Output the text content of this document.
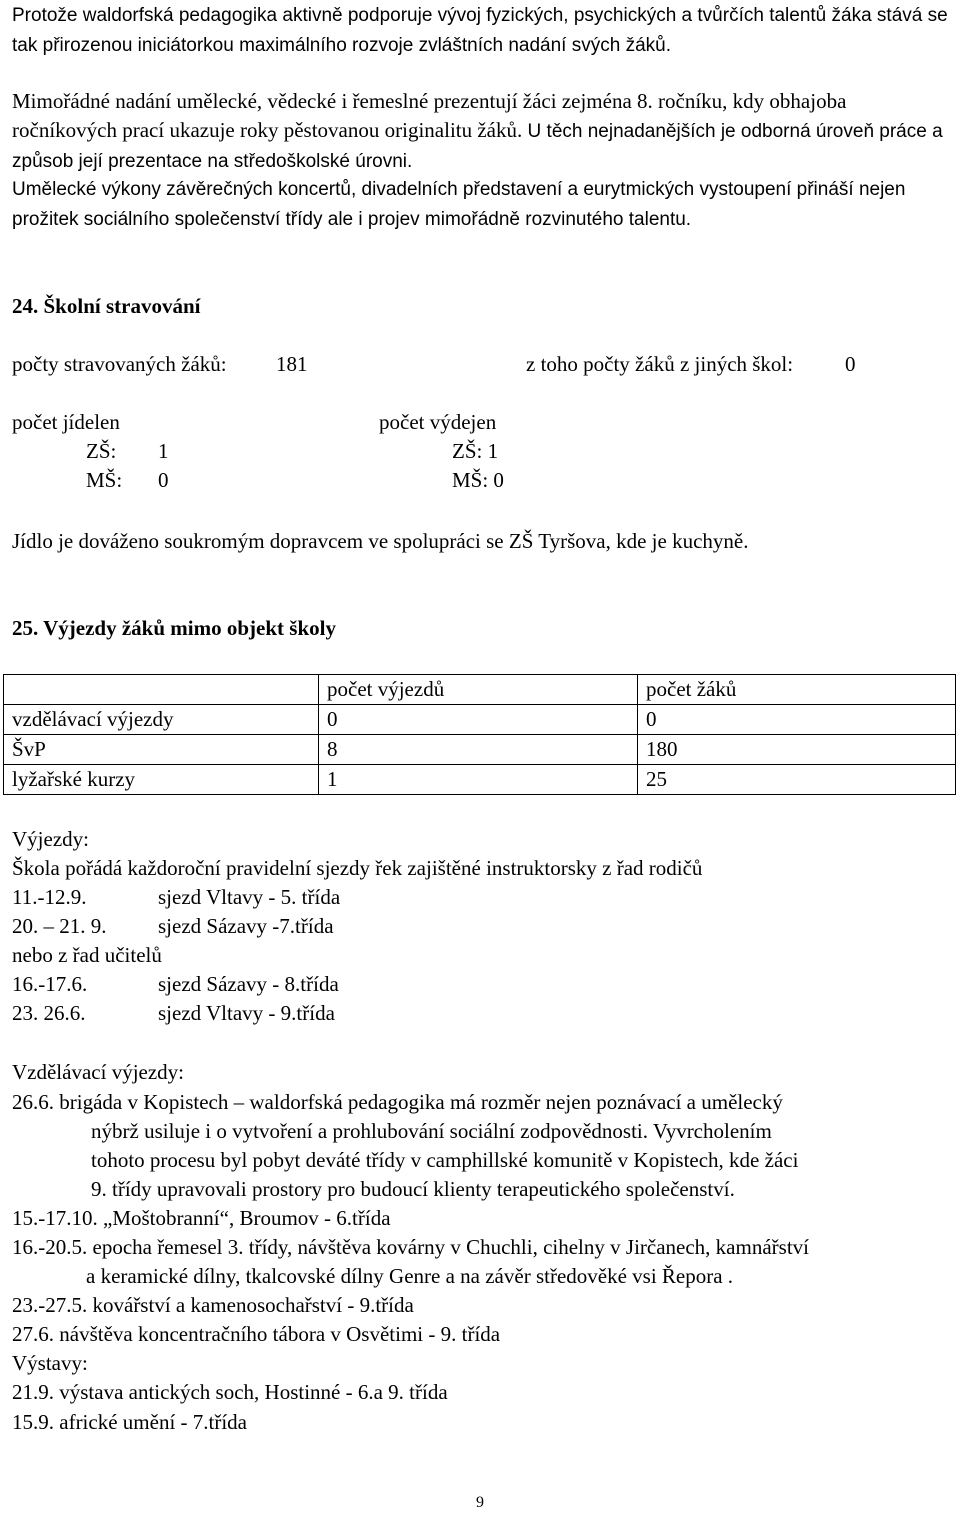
Protože waldorfská pedagogika aktivně podporuje vývoj fyzických, psychických a tvůrčích talentů žáka stává se tak přirozenou iniciátorkou maximálního rozvoje zvláštních nadání svých žáků.
Mimořádné nadání umělecké, vědecké i řemeslné prezentují žáci zejména 8. ročníku, kdy obhajoba ročníkových prací ukazuje roky pěstovanou originalitu žáků. U těch nejnadanějších je odborná úroveň práce a způsob její prezentace na středoškolské úrovni.
Umělecké výkony závěrečných koncertů, divadelních představení a eurytmických vystoupení přináší nejen prožitek sociálního společenství třídy ale i projev mimořádně rozvinutého talentu.
24. Školní stravování
počty stravovaných žáků: 181	z toho počty žáků z jiných škol: 0
počet jídelen	počet výdejen
ZŠ: 1	ZŠ: 1
MŠ: 0	MŠ: 0
Jídlo je dováženo soukromým dopravcem ve spolupráci se ZŠ Tyršova, kde je kuchyně.
25. Výjezdy žáků mimo objekt školy
	počet výjezdů	počet žáků
vzdělávací výjezdy	0	0
ŠvP	8	180
lyžařské kurzy	1	25
Výjezdy:
Škola pořádá každoroční pravidelní sjezdy řek zajištěné instruktorsky z řad rodičů
11.-12.9.	sjezd Vltavy - 5. třída
20. – 21. 9. sjezd Sázavy -7.třída
nebo z řad učitelů
16.-17.6.	sjezd Sázavy - 8.třída
23. 26.6.	sjezd Vltavy - 9.třída
Vzdělávací výjezdy:
26.6. brigáda v Kopistech – waldorfská pedagogika má rozměr nejen poznávací a umělecký
nýbrž usiluje i o vytvoření a prohlubování sociální zodpovědnosti. Vyvrcholením
tohoto procesu byl pobyt deváté třídy v camphillské komunitě v Kopistech, kde žáci
9. třídy upravovali prostory pro budoucí klienty terapeutického společenství.
15.-17.10. „Moštobranní“, Broumov - 6.třída
16.-20.5. epocha řemesel 3. třídy, návštěva kovárny v Chuchli, cihelny v Jirčanech, kamnářství
a keramické dílny, tkalcovské dílny Genre a na závěr středověké vsi Řepora .
23.-27.5. kovářství a kamenosochařství - 9.třída
27.6. návštěva koncentračního tábora v Osvětimi - 9. třída
Výstavy:
21.9. výstava antických soch, Hostinné - 6.a 9. třída
15.9. africké umění - 7.třída
9
